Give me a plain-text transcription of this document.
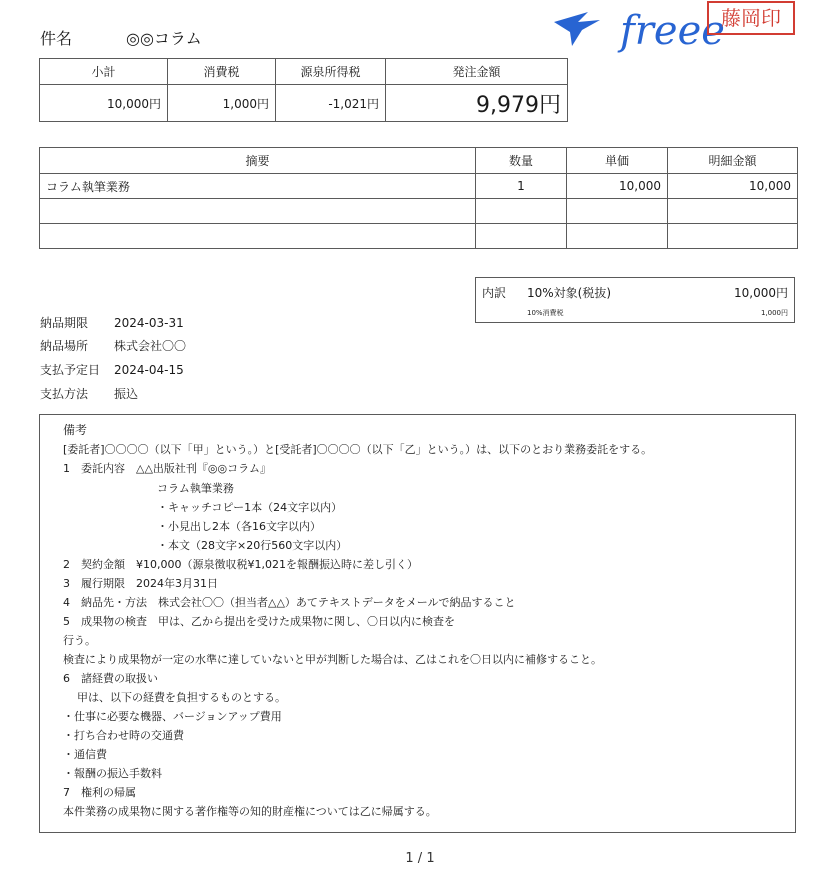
件名	◎◎コラム	freee
藤岡印
小計	消費税	源泉所得税	発注金額
10,000円	1,000円	-1,021円	9,979円
摘要	数量	単価	明細金額
コラム執筆業務	1	10,000	10,000

内訳 10%対象(税抜)	10,000円
10%消費税	1,000円
納品期限 2024-03-31
納品場所 株式会社〇〇
支払予定日 2024-04-15
支払方法 振込
備考
[委託者]〇〇〇〇（以下「甲」という。）と[受託者]〇〇〇〇（以下「乙」という。）は、以下のとおり業務委託をする。
1　委託内容　△△出版社刊『◎◎コラム』
コラム執筆業務
・キャッチコピー1本（24文字以内）
・小見出し2本（各16文字以内）
・本文（28文字×20行560文字以内）
2　契約金額　¥10,000（源泉徴収税¥1,021を報酬振込時に差し引く）
3　履行期限　2024年3月31日
4　納品先・方法　株式会社〇〇（担当者△△）あてテキストデータをメールで納品すること
5　成果物の検査　甲は、乙から提出を受けた成果物に関し、〇日以内に検査を
行う。
検査により成果物が一定の水準に達していないと甲が判断した場合は、乙はこれを〇日以内に補修すること。
6　諸経費の取扱い
甲は、以下の経費を負担するものとする。
・仕事に必要な機器、バージョンアップ費用
・打ち合わせ時の交通費
・通信費
・報酬の振込手数料
7　権利の帰属
本件業務の成果物に関する著作権等の知的財産権については乙に帰属する。
1 / 1
